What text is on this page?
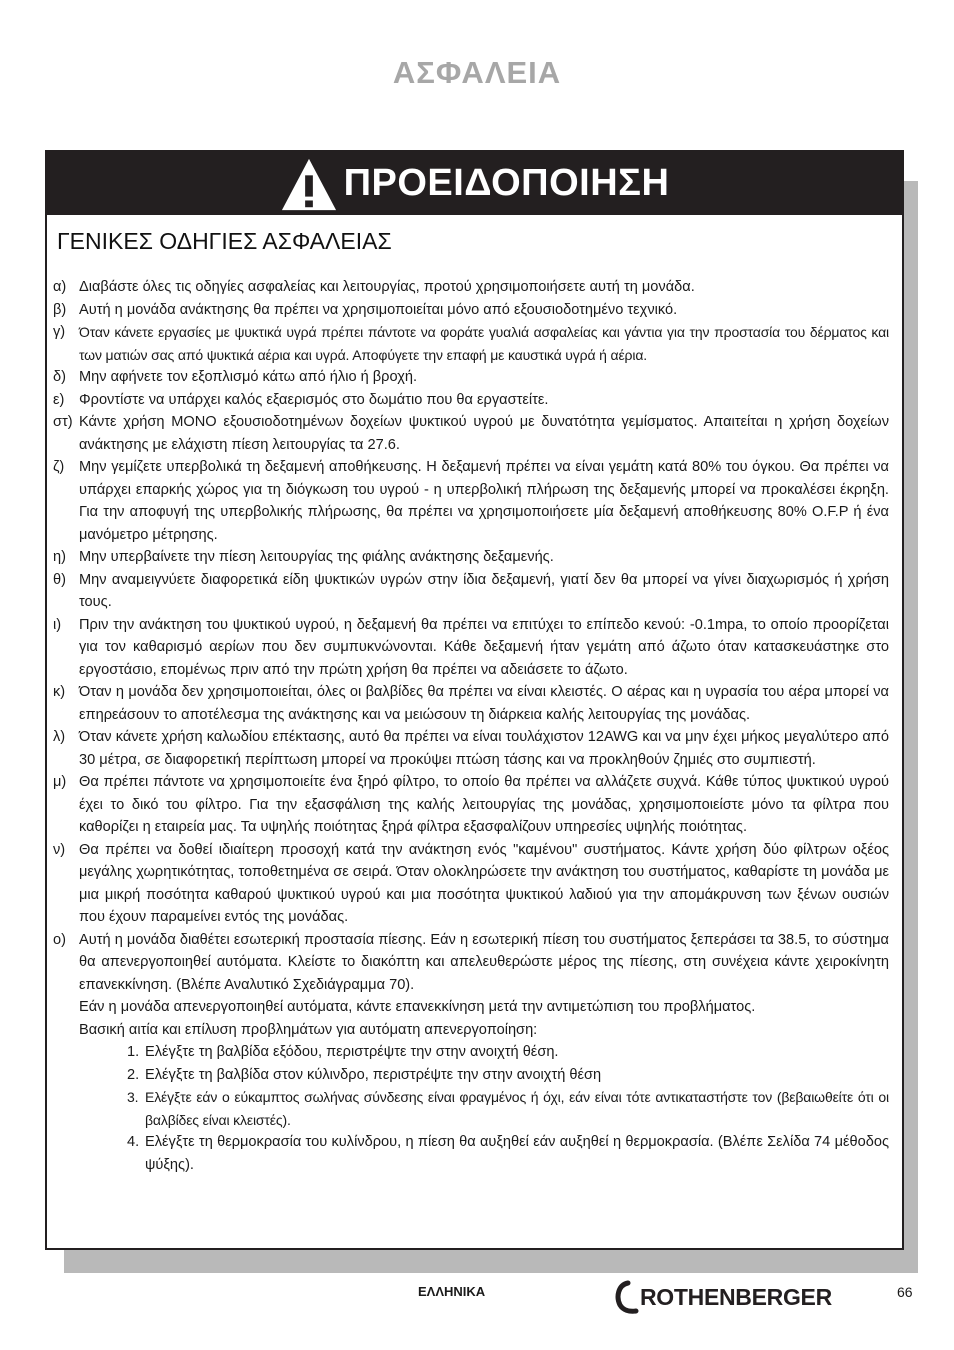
ΑΣΦΑΛΕΙΑ
ΠΡΟΕΙΔΟΠΟΙΗΣΗ
ΓΕΝΙΚΕΣ ΟΔΗΓΙΕΣ ΑΣΦΑΛΕΙΑΣ
α) Διαβάστε όλες τις οδηγίες ασφαλείας και λειτουργίας, προτού χρησιμοποιήσετε αυτή τη μονάδα.
β) Αυτή η μονάδα ανάκτησης θα πρέπει να χρησιμοποιείται μόνο από εξουσιοδοτημένο τεχνικό.
γ) Όταν κάνετε εργασίες με ψυκτικά υγρά πρέπει πάντοτε να φοράτε γυαλιά ασφαλείας και γάντια για την προστασία του δέρματος και των ματιών σας από ψυκτικά αέρια και υγρά. Αποφύγετε την επαφή με καυστικά υγρά ή αέρια.
δ) Μην αφήνετε τον εξοπλισμό κάτω από ήλιο ή βροχή.
ε)	Φροντίστε να υπάρχει καλός εξαερισμός στο δωμάτιο που θα εργαστείτε.
στ) Κάντε χρήση ΜΟΝΟ εξουσιοδοτημένων δοχείων ψυκτικού υγρού με δυνατότητα γεμίσματος. Απαιτείται η χρήση δοχείων ανάκτησης με ελάχιστη πίεση λειτουργίας τα 27.6.
ζ)	Μην γεμίζετε υπερβολικά τη δεξαμενή αποθήκευσης. Η δεξαμενή πρέπει να είναι γεμάτη κατά 80% του όγκου. Θα πρέπει να υπάρχει επαρκής χώρος για τη διόγκωση του υγρού - η υπερβολική πλήρωση της δεξαμενής μπορεί να προκαλέσει έκρηξη. Για την αποφυγή της υπερβολικής πλήρωσης, θα πρέπει να χρησιμοποιήσετε μία δεξαμενή αποθήκευσης 80% O.F.P ή ένα μανόμετρο μέτρησης.
η) Μην υπερβαίνετε την πίεση λειτουργίας της φιάλης ανάκτησης δεξαμενής.
θ) Μην αναμειγνύετε διαφορετικά είδη ψυκτικών υγρών στην ίδια δεξαμενή, γιατί δεν θα μπορεί να γίνει διαχωρισμός ή χρήση τους.
ι)	Πριν την ανάκτηση του ψυκτικού υγρού, η δεξαμενή θα πρέπει να επιτύχει το επίπεδο κενού: -0.1mpa, το οποίο προορίζεται για τον καθαρισμό αερίων που δεν συμπυκνώνονται. Κάθε δεξαμενή ήταν γεμάτη από άζωτο όταν κατασκευάστηκε στο εργοστάσιο, επομένως πριν από την πρώτη χρήση θα πρέπει να αδειάσετε το άζωτο.
κ) Όταν η μονάδα δεν χρησιμοποιείται, όλες οι βαλβίδες θα πρέπει να είναι κλειστές. Ο αέρας και η υγρασία του αέρα μπορεί να επηρεάσουν το αποτέλεσμα της ανάκτησης και να μειώσουν τη διάρκεια καλής λειτουργίας της μονάδας.
λ) Όταν κάνετε χρήση καλωδίου επέκτασης, αυτό θα πρέπει να είναι τουλάχιστον 12AWG και να μην έχει μήκος μεγαλύτερο από 30 μέτρα, σε διαφορετική περίπτωση μπορεί να προκύψει πτώση τάσης και να προκληθούν ζημιές στο συμπιεστή.
μ) Θα πρέπει πάντοτε να χρησιμοποιείτε ένα ξηρό φίλτρο, το οποίο θα πρέπει να αλλάζετε συχνά. Κάθε τύπος ψυκτικού υγρού έχει το δικό του φίλτρο. Για την εξασφάλιση της καλής λειτουργίας της μονάδας, χρησιμοποιείστε μόνο τα φίλτρα που καθορίζει η εταιρεία μας. Τα υψηλής ποιότητας ξηρά φίλτρα εξασφαλίζουν υπηρεσίες υψηλής ποιότητας.
ν) Θα πρέπει να δοθεί ιδιαίτερη προσοχή κατά την ανάκτηση ενός "καμένου" συστήματος. Κάντε χρήση δύο φίλτρων οξέος μεγάλης χωρητικότητας, τοποθετημένα σε σειρά. Όταν ολοκληρώσετε την ανάκτηση του συστήματος, καθαρίστε τη μονάδα με μια μικρή ποσότητα καθαρού ψυκτικού υγρού και μια ποσότητα ψυκτικού λαδιού για την απομάκρυνση των ξένων ουσιών που έχουν παραμείνει εντός της μονάδας.
ο) Αυτή η μονάδα διαθέτει εσωτερική προστασία πίεσης. Εάν η εσωτερική πίεση του συστήματος ξεπεράσει τα 38.5, το σύστημα θα απενεργοποιηθεί αυτόματα. Κλείστε το διακόπτη και απελευθερώστε μέρος της πίεσης, στη συνέχεια κάντε χειροκίνητη επανεκκίνηση. (Βλέπε Αναλυτικό Σχεδιάγραμμα 70).

Εάν η μονάδα απενεργοποιηθεί αυτόματα, κάντε επανεκκίνηση μετά την αντιμετώπιση του προβλήματος.

Βασική αιτία και επίλυση προβλημάτων για αυτόματη απενεργοποίηση:

1. Ελέγξτε τη βαλβίδα εξόδου, περιστρέψτε την στην ανοιχτή θέση.
2. Ελέγξτε τη βαλβίδα στον κύλινδρο, περιστρέψτε την στην ανοιχτή θέση
3. Ελέγξτε εάν ο εύκαμπτος σωλήνας σύνδεσης είναι φραγμένος ή όχι, εάν είναι τότε αντικαταστήστε τον (βεβαιωθείτε ότι οι βαλβίδες είναι κλειστές).
4. Ελέγξτε τη θερμοκρασία του κυλίνδρου, η πίεση θα αυξηθεί εάν αυξηθεί η θερμοκρασία. (Βλέπε Σελίδα 74 μέθοδος ψύξης).
ΕΛΛΗΝΙΚΑ	ROTHENBERGER	66
